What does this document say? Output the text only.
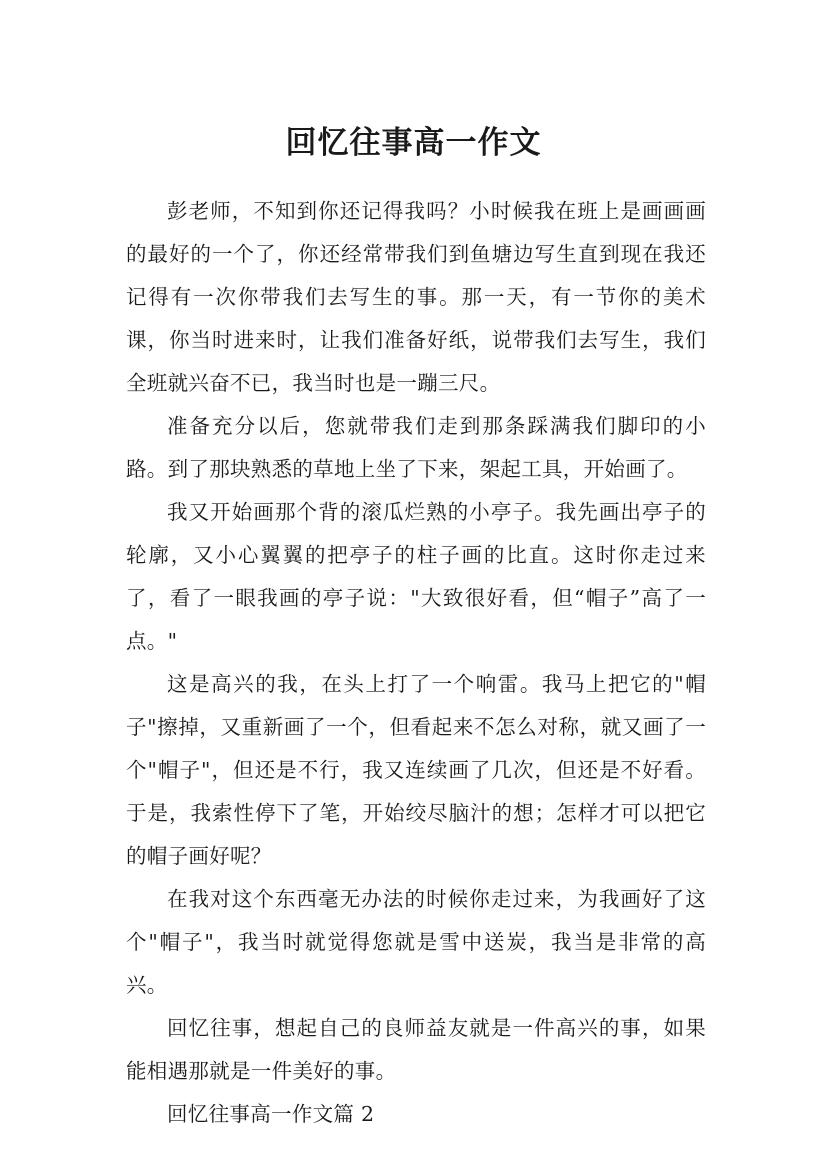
回忆往事高一作文

彭老师，不知到你还记得我吗？小时候我在班上是画画画的最好的一个了，你还经常带我们到鱼塘边写生直到现在我还记得有一次你带我们去写生的事。那一天，有一节你的美术课，你当时进来时，让我们准备好纸，说带我们去写生，我们全班就兴奋不已，我当时也是一蹦三尺。

准备充分以后，您就带我们走到那条踩满我们脚印的小路。到了那块熟悉的草地上坐了下来，架起工具，开始画了。

我又开始画那个背的滚瓜烂熟的小亭子。我先画出亭子的轮廓，又小心翼翼的把亭子的柱子画的比直。这时你走过来了，看了一眼我画的亭子说："大致很好看，但“帽子”高了一点。"

这是高兴的我，在头上打了一个响雷。我马上把它的"帽子"擦掉，又重新画了一个，但看起来不怎么对称，就又画了一个"帽子"，但还是不行，我又连续画了几次，但还是不好看。于是，我索性停下了笔，开始绞尽脑汁的想；怎样才可以把它的帽子画好呢？

在我对这个东西毫无办法的时候你走过来，为我画好了这个"帽子"，我当时就觉得您就是雪中送炭，我当是非常的高兴。

回忆往事，想起自己的良师益友就是一件高兴的事，如果能相遇那就是一件美好的事。

回忆往事高一作文篇 2
